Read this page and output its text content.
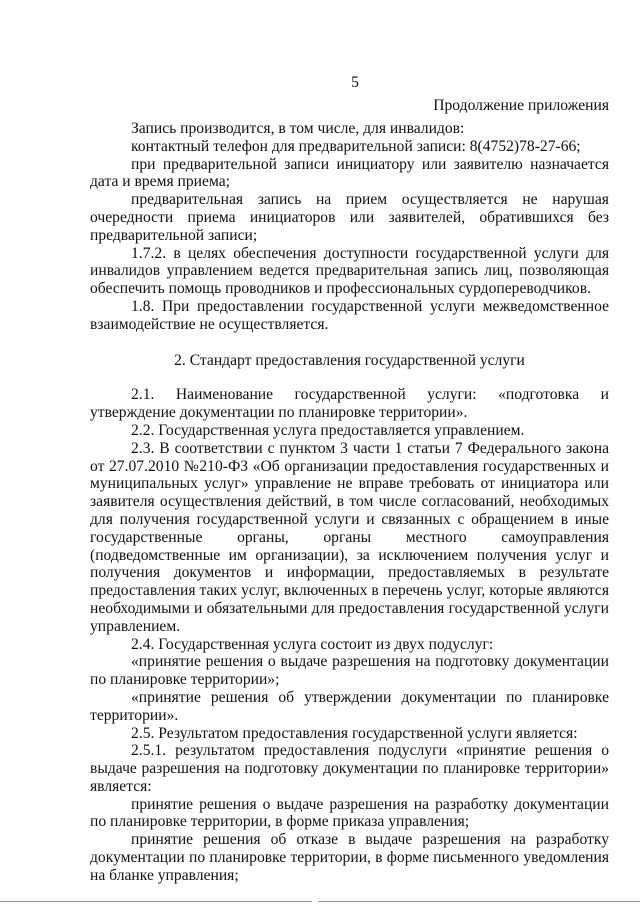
5
Продолжение приложения

Запись производится, в том числе, для инвалидов:

контактный телефон для предварительной записи: 8(4752)78-27-66;

при предварительной записи инициатору или заявителю назначается дата и время приема;

предварительная запись на прием осуществляется не нарушая очередности приема инициаторов или заявителей, обратившихся без предварительной записи;

1.7.2. в целях обеспечения доступности государственной услуги для инвалидов управлением ведется предварительная запись лиц, позволяющая обеспечить помощь проводников и профессиональных сурдопереводчиков.

1.8. При предоставлении государственной услуги межведомственное взаимодействие не осуществляется.

2. Стандарт предоставления государственной услуги

2.1. Наименование государственной услуги: «подготовка и утверждение документации по планировке территории».

2.2. Государственная услуга предоставляется управлением.

2.3. В соответствии с пунктом 3 части 1 статьи 7 Федерального закона от 27.07.2010 №210-ФЗ «Об организации предоставления государственных и муниципальных услуг» управление не вправе требовать от инициатора или заявителя осуществления действий, в том числе согласований, необходимых для получения государственной услуги и связанных с обращением в иные государственные органы, органы местного самоуправления (подведомственные им организации), за исключением получения услуг и получения документов и информации, предоставляемых в результате предоставления таких услуг, включенных в перечень услуг, которые являются необходимыми и обязательными для предоставления государственной услуги управлением.

2.4. Государственная услуга состоит из двух подуслуг:

«принятие решения о выдаче разрешения на подготовку документации по планировке территории»;

«принятие решения об утверждении документации по планировке территории».

2.5. Результатом предоставления государственной услуги является:

2.5.1. результатом предоставления подуслуги «принятие решения о выдаче разрешения на подготовку документации по планировке территории» является:

принятие решения о выдаче разрешения на разработку документации по планировке территории, в форме приказа управления;

принятие решения об отказе в выдаче разрешения на разработку документации по планировке территории, в форме письменного уведомления на бланке управления;
